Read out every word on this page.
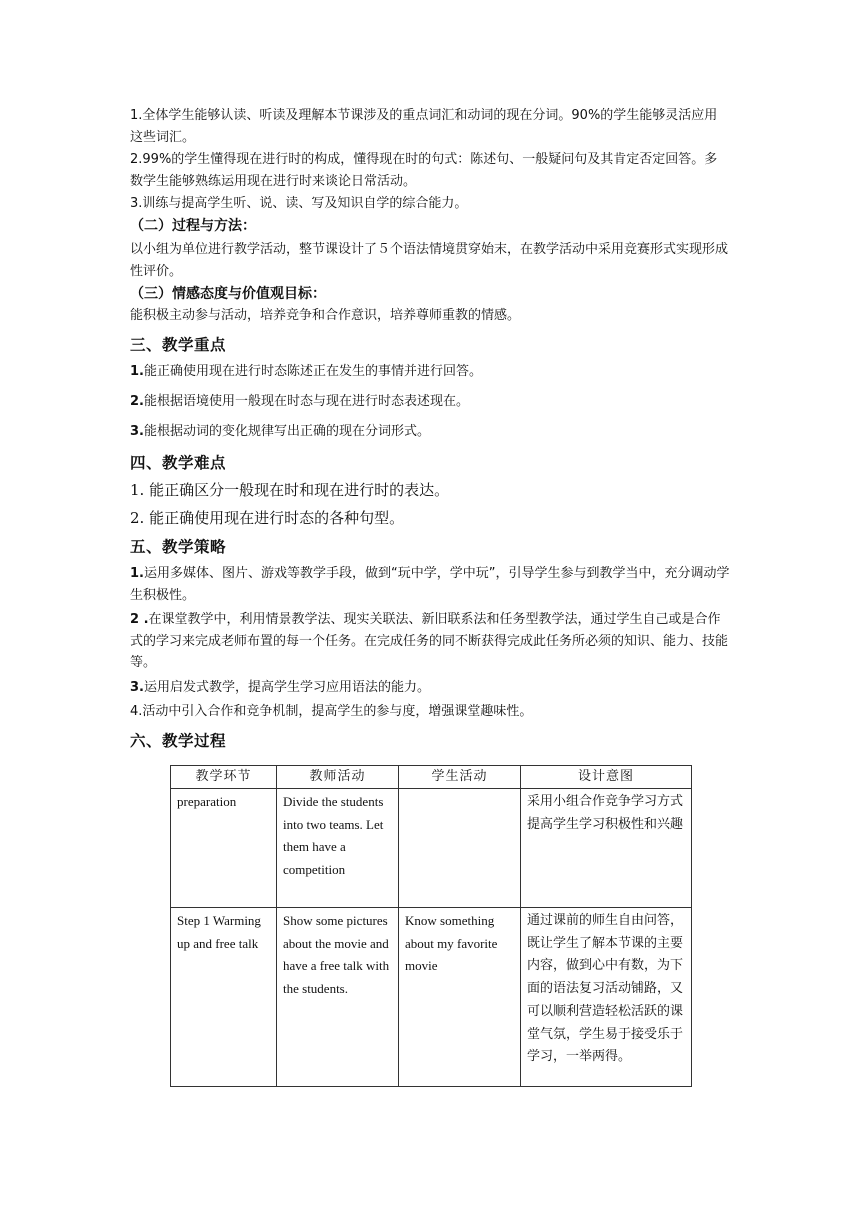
1.全体学生能够认读、听读及理解本节课涉及的重点词汇和动词的现在分词。90%的学生能够灵活应用这些词汇。

2.99%的学生懂得现在进行时的构成，懂得现在时的句式：陈述句、一般疑问句及其肯定否定回答。多数学生能够熟练运用现在进行时来谈论日常活动。

3.训练与提高学生听、说、读、写及知识自学的综合能力。

（二）过程与方法：

以小组为单位进行教学活动，整节课设计了５个语法情境贯穿始末，在教学活动中采用竞赛形式实现形成性评价。

（三）情感态度与价值观目标：

能积极主动参与活动，培养竞争和合作意识，培养尊师重教的情感。

三、教学重点

1.能正确使用现在进行时态陈述正在发生的事情并进行回答。

2.能根据语境使用一般现在时态与现在进行时态表述现在。

3.能根据动词的变化规律写出正确的现在分词形式。

四、教学难点

1. 能正确区分一般现在时和现在进行时的表达。

2. 能正确使用现在进行时态的各种句型。

五、教学策略

1.运用多媒体、图片、游戏等教学手段，做到“玩中学，学中玩”，引导学生参与到教学当中，充分调动学生积极性。

2 .在课堂教学中，利用情景教学法、现实关联法、新旧联系法和任务型教学法，通过学生自己或是合作式的学习来完成老师布置的每一个任务。在完成任务的同不断获得完成此任务所必须的知识、能力、技能等。

3.运用启发式教学，提高学生学习应用语法的能力。

4.活动中引入合作和竞争机制，提高学生的参与度，增强课堂趣味性。

六、教学过程

教学环节	教师活动	学生活动	设计意图
preparation	Divide the students into two teams. Let them have a competition		采用小组合作竞争学习方式提高学生学习积极性和兴趣
Step 1 Warming up and free talk	Show some pictures about the movie and have a free talk with the students.	Know something about my favorite movie	通过课前的师生自由问答，既让学生了解本节课的主要内容，做到心中有数，为下面的语法复习活动铺路，又可以顺利营造轻松活跃的课堂气氛，学生易于接受乐于学习，一举两得。
